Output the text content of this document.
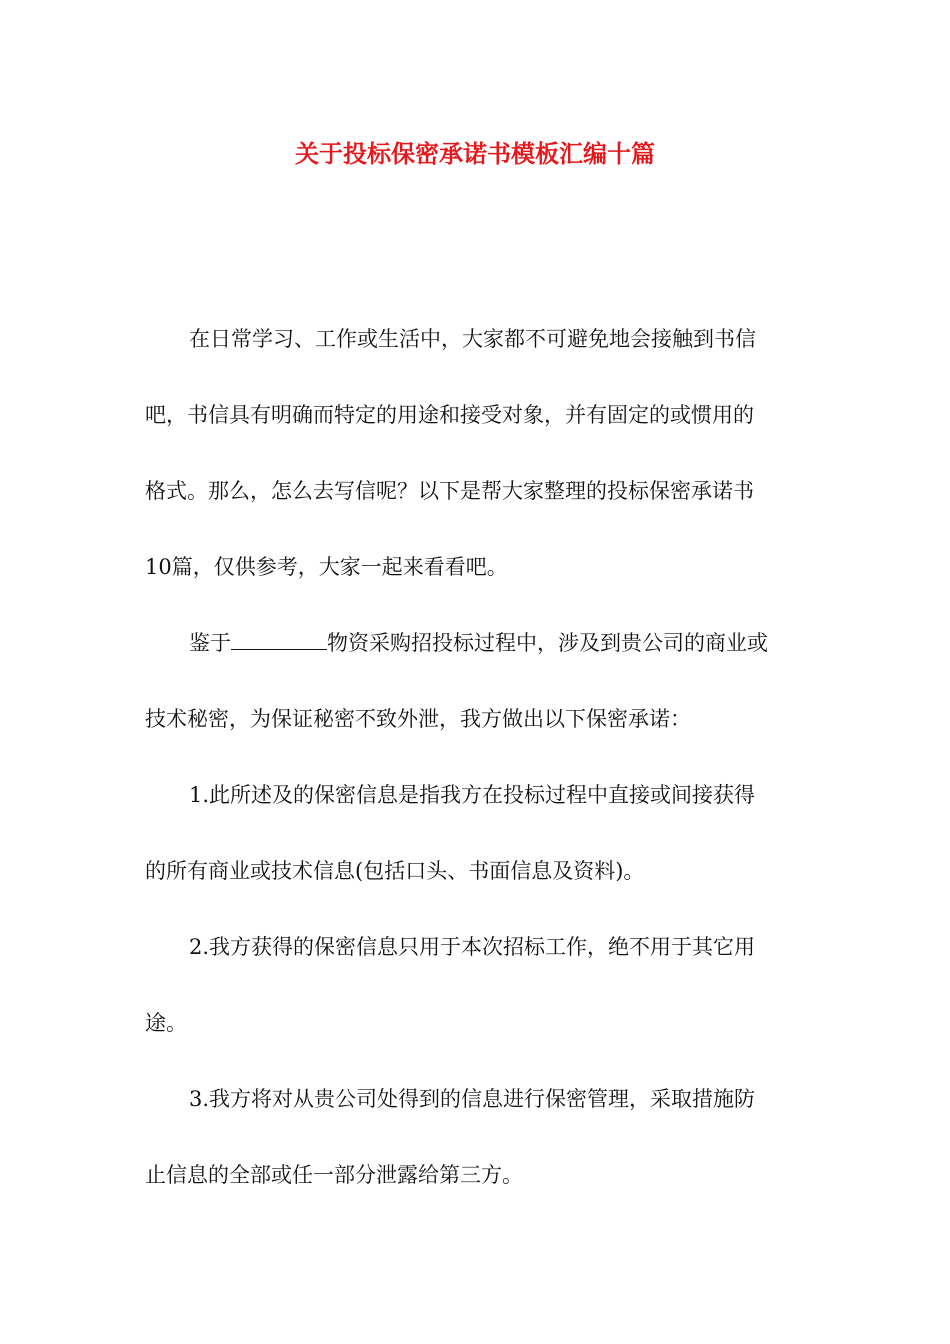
关于投标保密承诺书模板汇编十篇
在日常学习、工作或生活中，大家都不可避免地会接触到书信
吧，书信具有明确而特定的用途和接受对象，并有固定的或惯用的
格式。那么，怎么去写信呢？以下是帮大家整理的投标保密承诺书
10篇，仅供参考，大家一起来看看吧。
鉴于	物资采购招投标过程中，涉及到贵公司的商业或
技术秘密，为保证秘密不致外泄，我方做出以下保密承诺：
1.此所述及的保密信息是指我方在投标过程中直接或间接获得
的所有商业或技术信息(包括口头、书面信息及资料)。
2.我方获得的保密信息只用于本次招标工作，绝不用于其它用
途。
3.我方将对从贵公司处得到的信息进行保密管理，采取措施防
止信息的全部或任一部分泄露给第三方。
